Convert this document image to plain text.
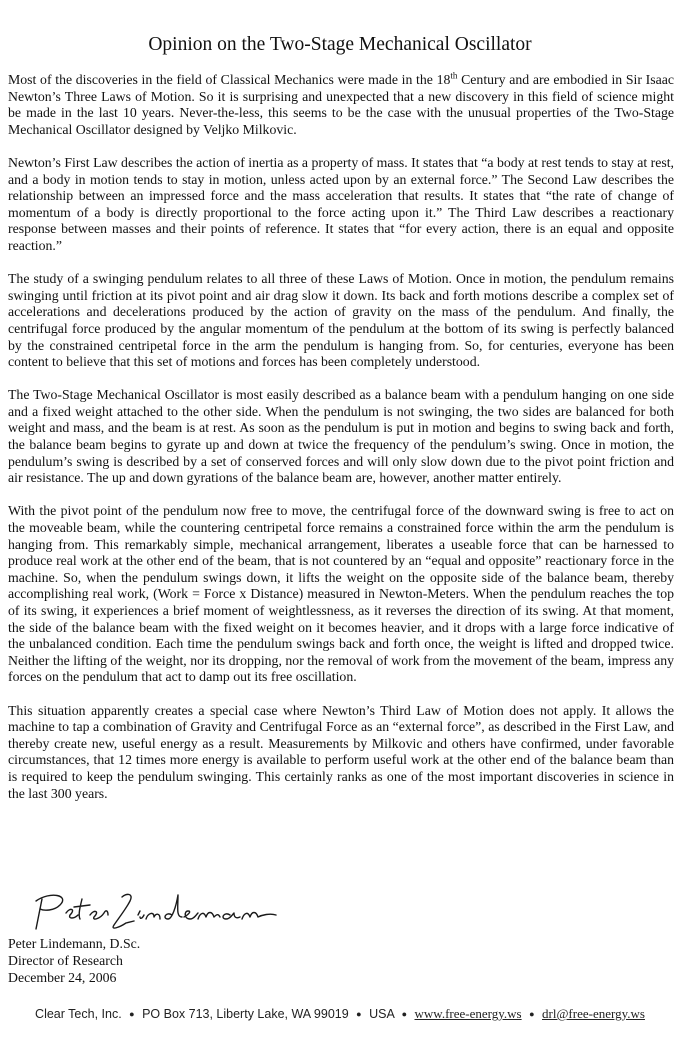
Opinion on the Two-Stage Mechanical Oscillator

Most of the discoveries in the field of Classical Mechanics were made in the 18th Century and are embodied in Sir Isaac Newton’s Three Laws of Motion. So it is surprising and unexpected that a new discovery in this field of science might be made in the last 10 years. Never-the-less, this seems to be the case with the unusual properties of the Two-Stage Mechanical Oscillator designed by Veljko Milkovic.

Newton’s First Law describes the action of inertia as a property of mass. It states that “a body at rest tends to stay at rest, and a body in motion tends to stay in motion, unless acted upon by an external force.” The Second Law describes the relationship between an impressed force and the mass acceleration that results. It states that “the rate of change of momentum of a body is directly proportional to the force acting upon it.” The Third Law describes a reactionary response between masses and their points of reference. It states that “for every action, there is an equal and opposite reaction.”

The study of a swinging pendulum relates to all three of these Laws of Motion. Once in motion, the pendulum remains swinging until friction at its pivot point and air drag slow it down. Its back and forth motions describe a complex set of accelerations and decelerations produced by the action of gravity on the mass of the pendulum. And finally, the centrifugal force produced by the angular momentum of the pendulum at the bottom of its swing is perfectly balanced by the constrained centripetal force in the arm the pendulum is hanging from. So, for centuries, everyone has been content to believe that this set of motions and forces has been completely understood.

The Two-Stage Mechanical Oscillator is most easily described as a balance beam with a pendulum hanging on one side and a fixed weight attached to the other side. When the pendulum is not swinging, the two sides are balanced for both weight and mass, and the beam is at rest. As soon as the pendulum is put in motion and begins to swing back and forth, the balance beam begins to gyrate up and down at twice the frequency of the pendulum’s swing. Once in motion, the pendulum’s swing is described by a set of conserved forces and will only slow down due to the pivot point friction and air resistance. The up and down gyrations of the balance beam are, however, another matter entirely.

With the pivot point of the pendulum now free to move, the centrifugal force of the downward swing is free to act on the moveable beam, while the countering centripetal force remains a constrained force within the arm the pendulum is hanging from. This remarkably simple, mechanical arrangement, liberates a useable force that can be harnessed to produce real work at the other end of the beam, that is not countered by an “equal and opposite” reactionary force in the machine. So, when the pendulum swings down, it lifts the weight on the opposite side of the balance beam, thereby accomplishing real work, (Work = Force x Distance) measured in Newton-Meters. When the pendulum reaches the top of its swing, it experiences a brief moment of weightlessness, as it reverses the direction of its swing. At that moment, the side of the balance beam with the fixed weight on it becomes heavier, and it drops with a large force indicative of the unbalanced condition. Each time the pendulum swings back and forth once, the weight is lifted and dropped twice. Neither the lifting of the weight, nor its dropping, nor the removal of work from the movement of the beam, impress any forces on the pendulum that act to damp out its free oscillation.

This situation apparently creates a special case where Newton’s Third Law of Motion does not apply. It allows the machine to tap a combination of Gravity and Centrifugal Force as an “external force”, as described in the First Law, and thereby create new, useful energy as a result. Measurements by Milkovic and others have confirmed, under favorable circumstances, that 12 times more energy is available to perform useful work at the other end of the balance beam than is required to keep the pendulum swinging. This certainly ranks as one of the most important discoveries in science in the last 300 years.

Peter Lindemann, D.Sc.
Director of Research
December 24, 2006
Clear Tech, Inc. ● PO Box 713, Liberty Lake, WA 99019 ● USA ● www.free-energy.ws ● drl@free-energy.ws
